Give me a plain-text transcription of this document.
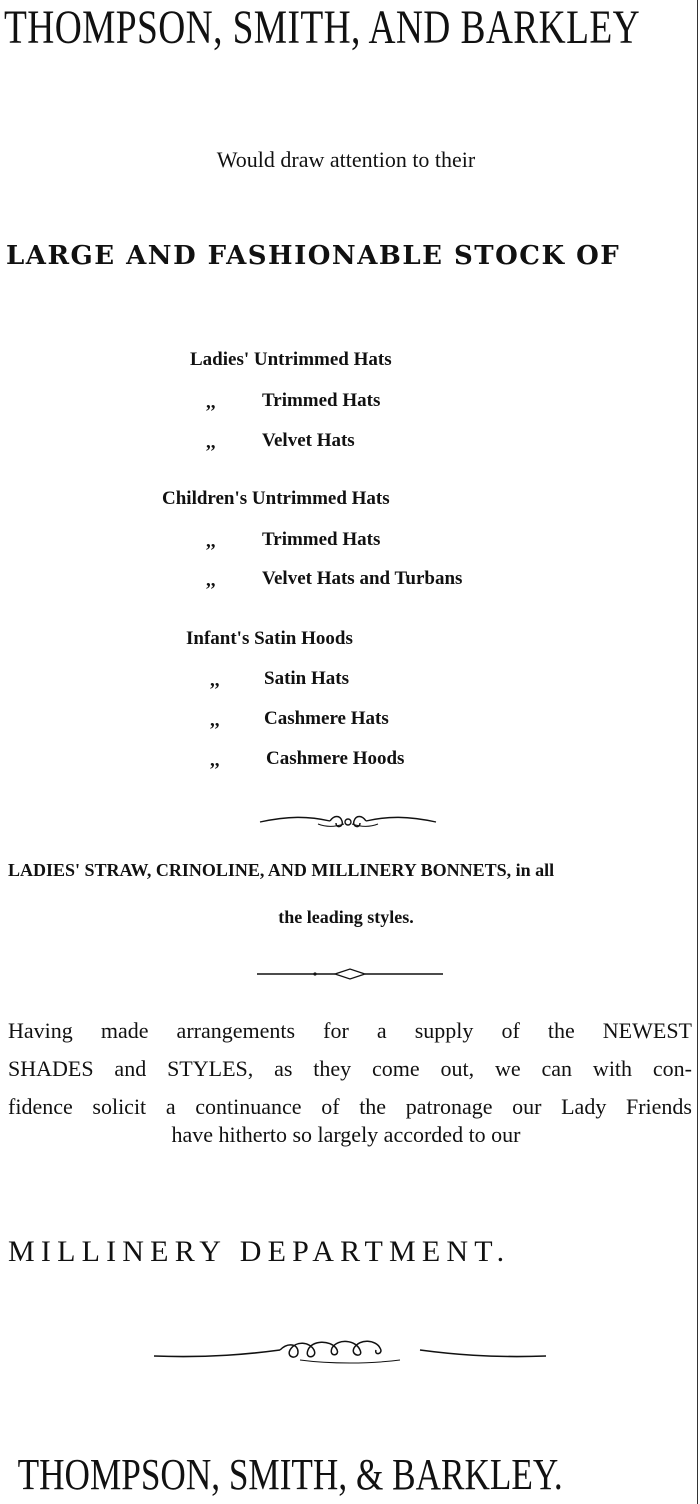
THOMPSON, SMITH, AND BARKLEY
Would draw attention to their
LARGE AND FASHIONABLE STOCK OF
Ladies' Untrimmed Hats
,, Trimmed Hats
,, Velvet Hats
Children's Untrimmed Hats
,, Trimmed Hats
,, Velvet Hats and Turbans
Infant's Satin Hoods
,, Satin Hats
,, Cashmere Hats
,, Cashmere Hoods
LADIES' STRAW, CRINOLINE, AND MILLINERY BONNETS, in all
the leading styles.
Having made arrangements for a supply of the NEWEST
SHADES and STYLES, as they come out, we can with con-
fidence solicit a continuance of the patronage our Lady Friends
have hitherto so largely accorded to our
MILLINERY DEPARTMENT.
THOMPSON, SMITH, & BARKLEY.
